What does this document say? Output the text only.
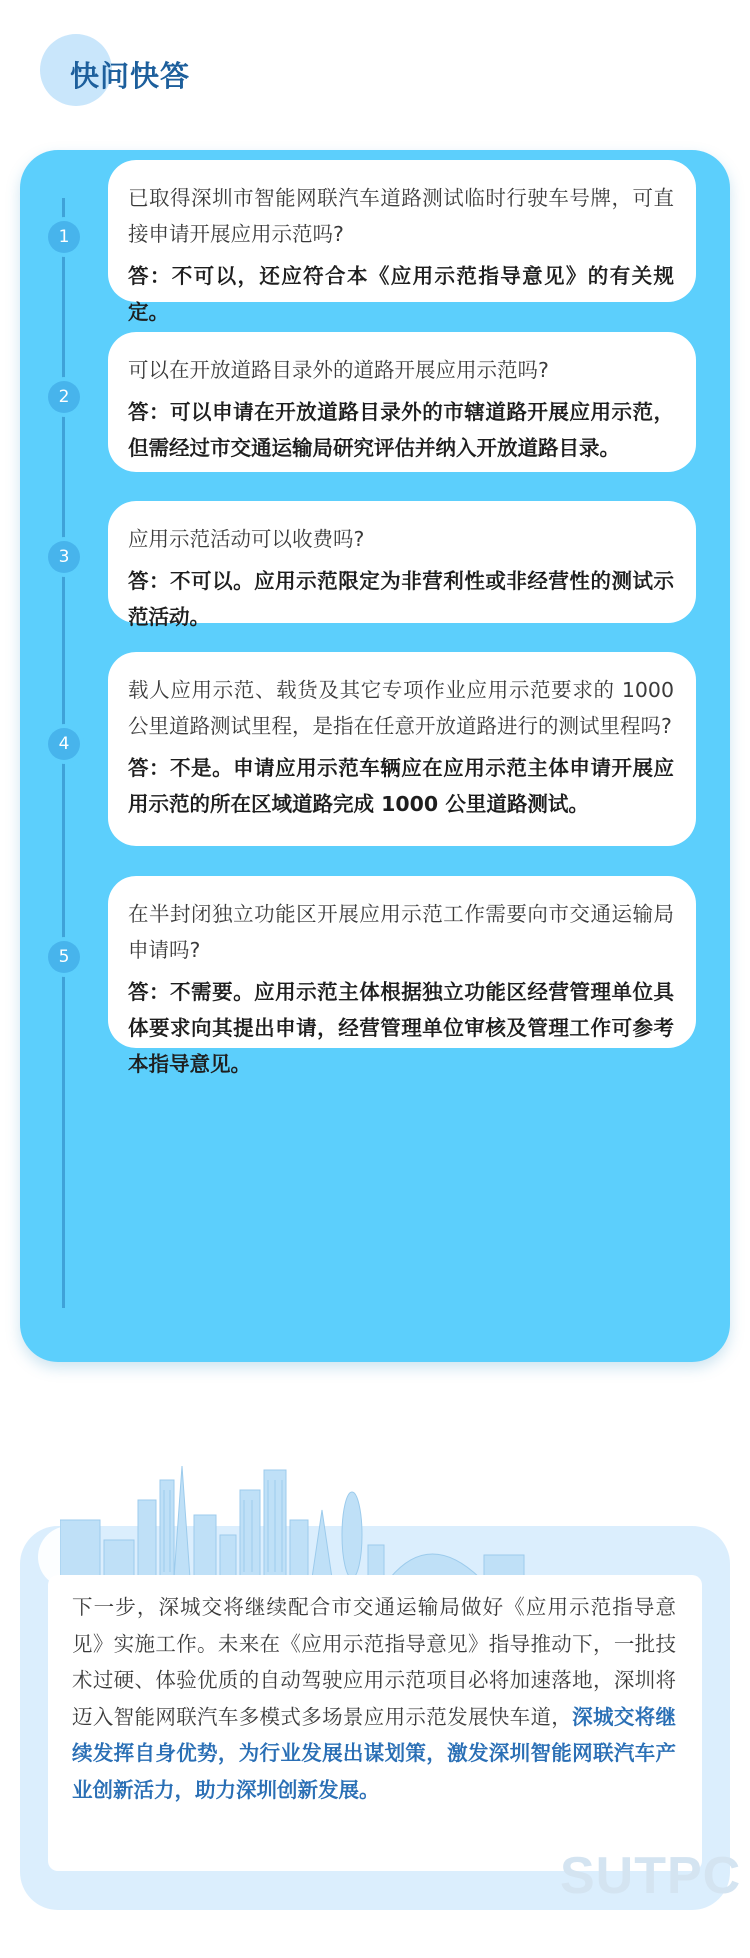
快问快答
1
已取得深圳市智能网联汽车道路测试临时行驶车号牌，可直接申请开展应用示范吗?
答：不可以，还应符合本《应用示范指导意见》的有关规定。
2
可以在开放道路目录外的道路开展应用示范吗?
答：可以申请在开放道路目录外的市辖道路开展应用示范，但需经过市交通运输局研究评估并纳入开放道路目录。
3
应用示范活动可以收费吗?
答：不可以。应用示范限定为非营利性或非经营性的测试示范活动。
4
载人应用示范、载货及其它专项作业应用示范要求的 1000 公里道路测试里程，是指在任意开放道路进行的测试里程吗?
答：不是。申请应用示范车辆应在应用示范主体申请开展应用示范的所在区域道路完成 1000 公里道路测试。
5
在半封闭独立功能区开展应用示范工作需要向市交通运输局申请吗?
答：不需要。应用示范主体根据独立功能区经营管理单位具体要求向其提出申请，经营管理单位审核及管理工作可参考本指导意见。
下一步，深城交将继续配合市交通运输局做好《应用示范指导意见》实施工作。未来在《应用示范指导意见》指导推动下，一批技术过硬、体验优质的自动驾驶应用示范项目必将加速落地，深圳将迈入智能网联汽车多模式多场景应用示范发展快车道，深城交将继续发挥自身优势，为行业发展出谋划策，激发深圳智能网联汽车产业创新活力，助力深圳创新发展。
SUTPC
